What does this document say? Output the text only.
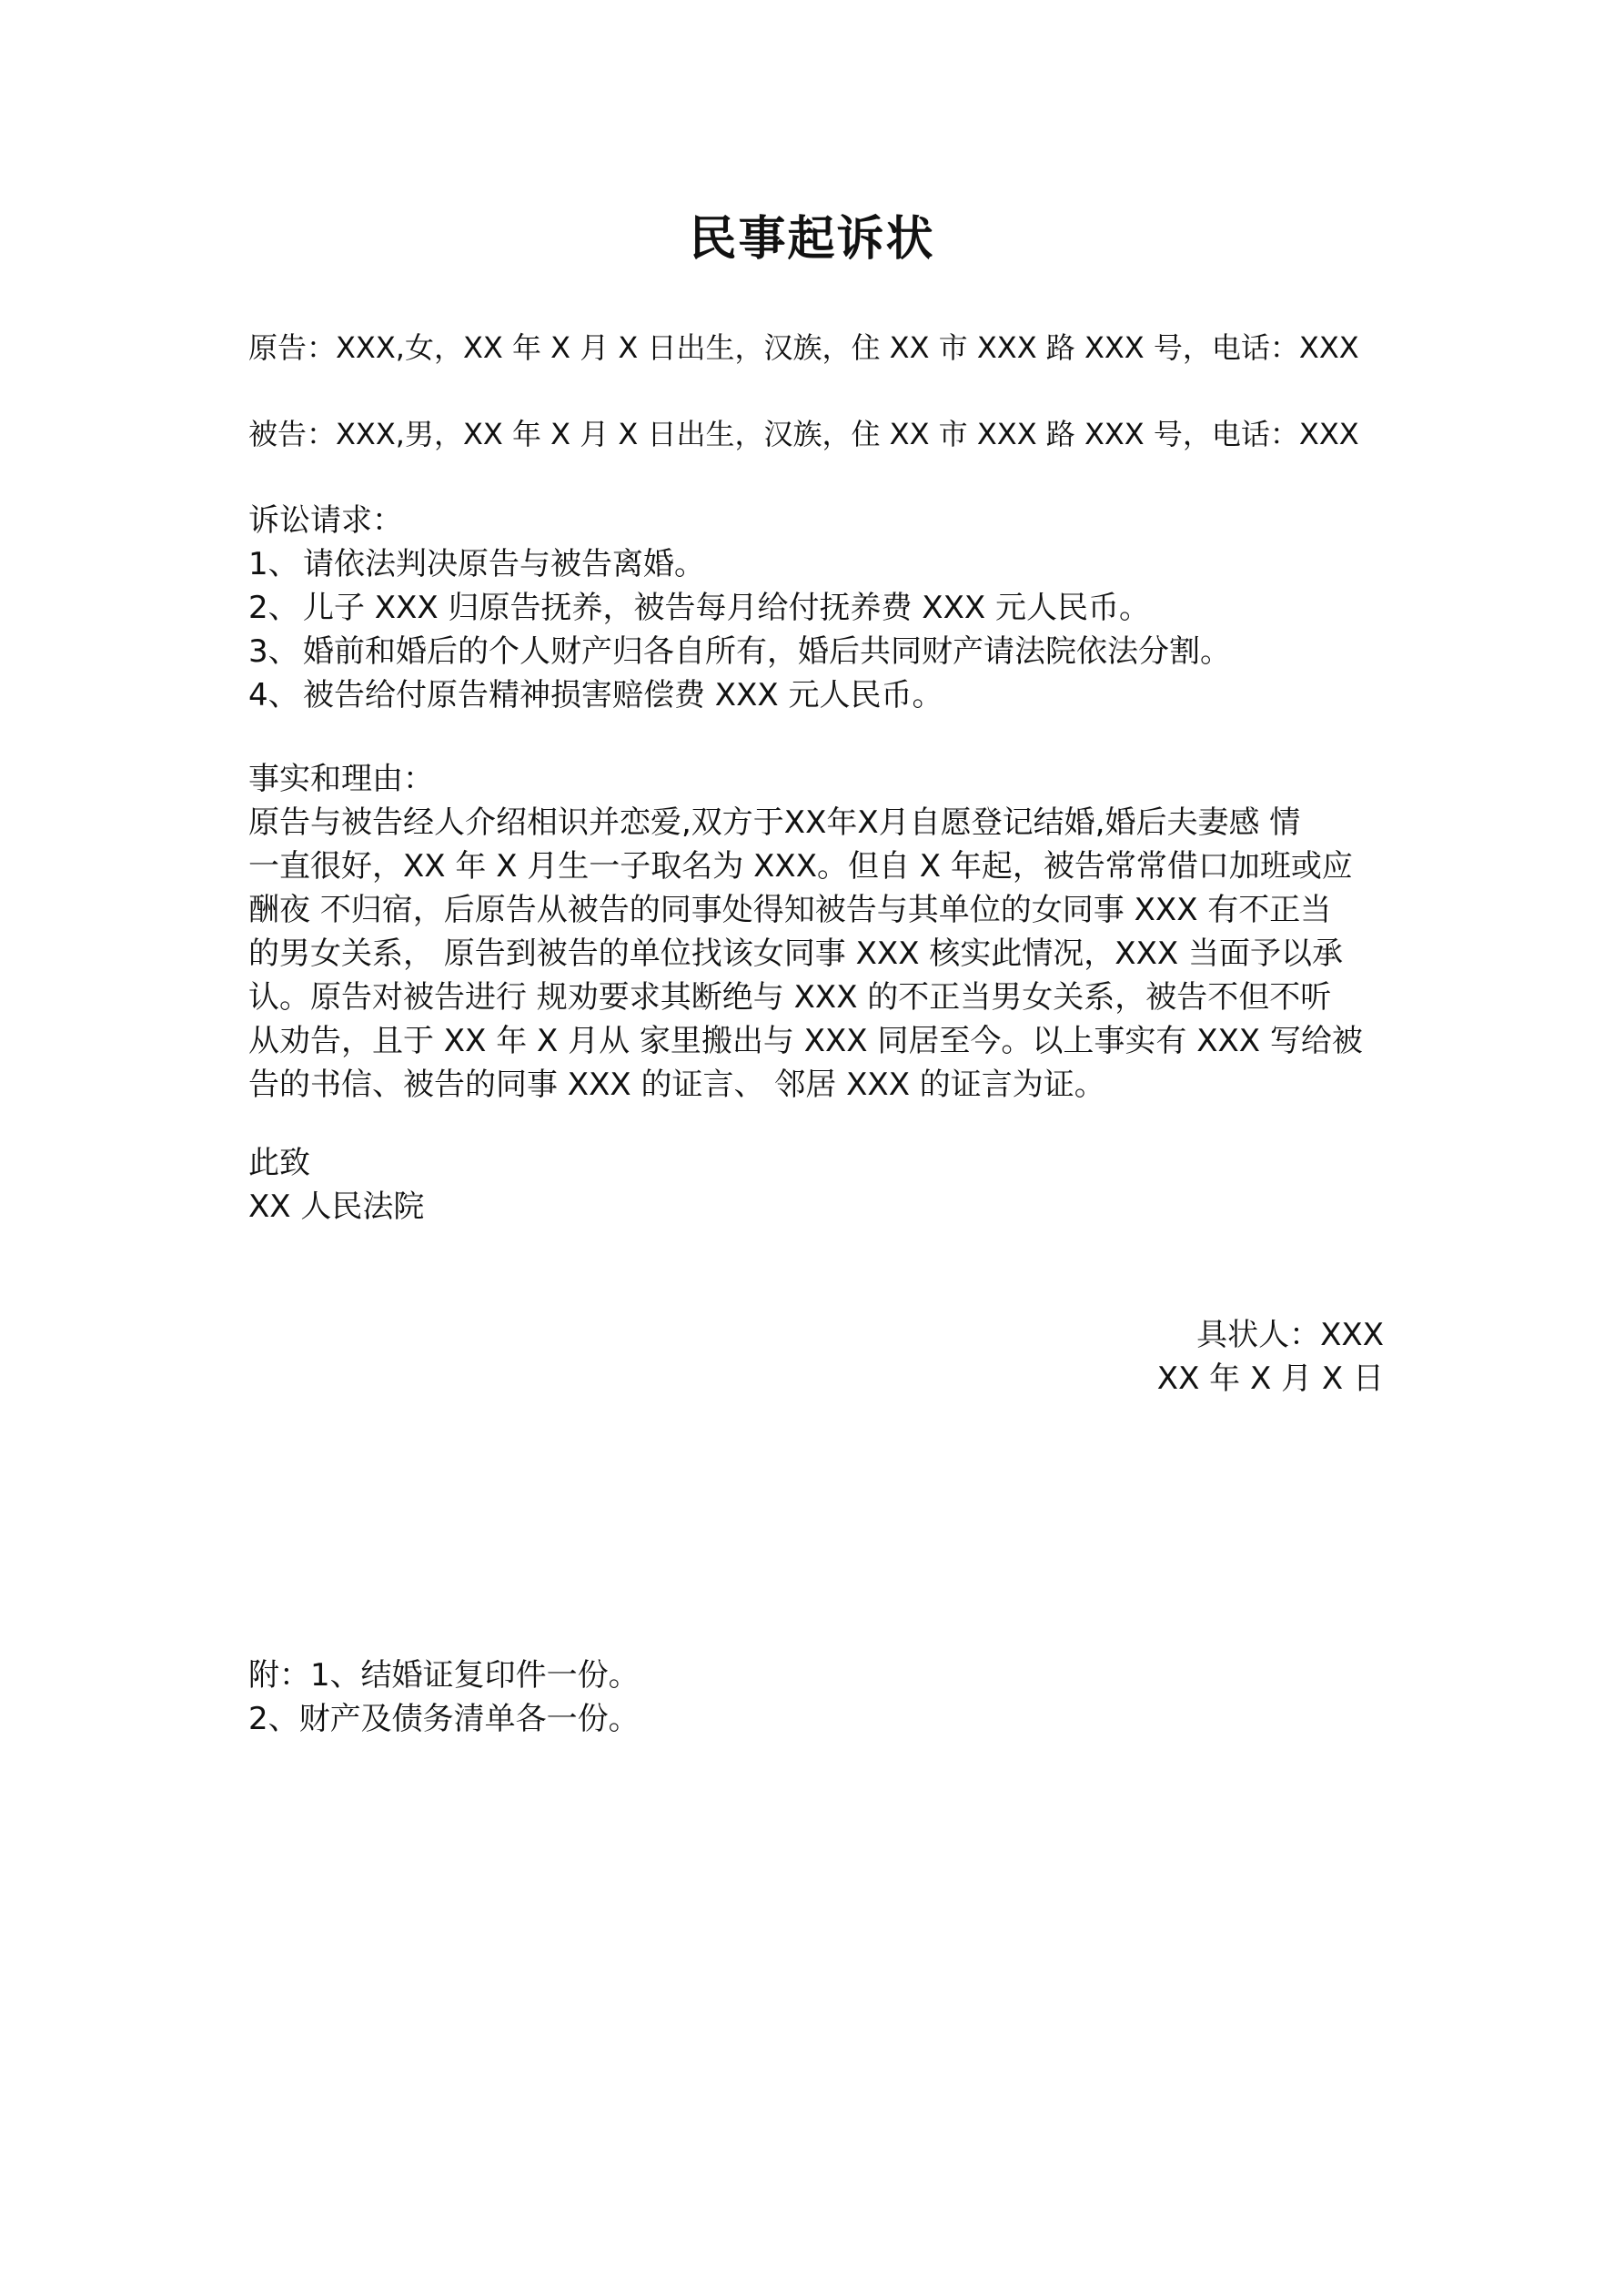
民事起诉状
原告：XXX,女，XX 年 X 月 X 日出生，汉族，住 XX 市 XXX 路 XXX 号，电话：XXX
被告：XXX,男，XX 年 X 月 X 日出生，汉族，住 XX 市 XXX 路 XXX 号，电话：XXX
诉讼请求：
1、 请依法判决原告与被告离婚。
2、 儿子 XXX 归原告抚养，被告每月给付抚养费 XXX 元人民币。
3、 婚前和婚后的个人财产归各自所有，婚后共同财产请法院依法分割。
4、 被告给付原告精神损害赔偿费 XXX 元人民币。
事实和理由：
原告与被告经人介绍相识并恋爱,双方于XX年X月自愿登记结婚,婚后夫妻感 情
一直很好，XX 年 X 月生一子取名为 XXX。但自 X 年起，被告常常借口加班或应
酬夜 不归宿，后原告从被告的同事处得知被告与其单位的女同事 XXX 有不正当
的男女关系， 原告到被告的单位找该女同事 XXX 核实此情况，XXX 当面予以承
认。原告对被告进行 规劝要求其断绝与 XXX 的不正当男女关系，被告不但不听
从劝告，且于 XX 年 X 月从 家里搬出与 XXX 同居至今。以上事实有 XXX 写给被
告的书信、被告的同事 XXX 的证言、 邻居 XXX 的证言为证。
此致
XX 人民法院
具状人：XXX
XX 年 X 月 X 日
附：1、结婚证复印件一份。
2、财产及债务清单各一份。
